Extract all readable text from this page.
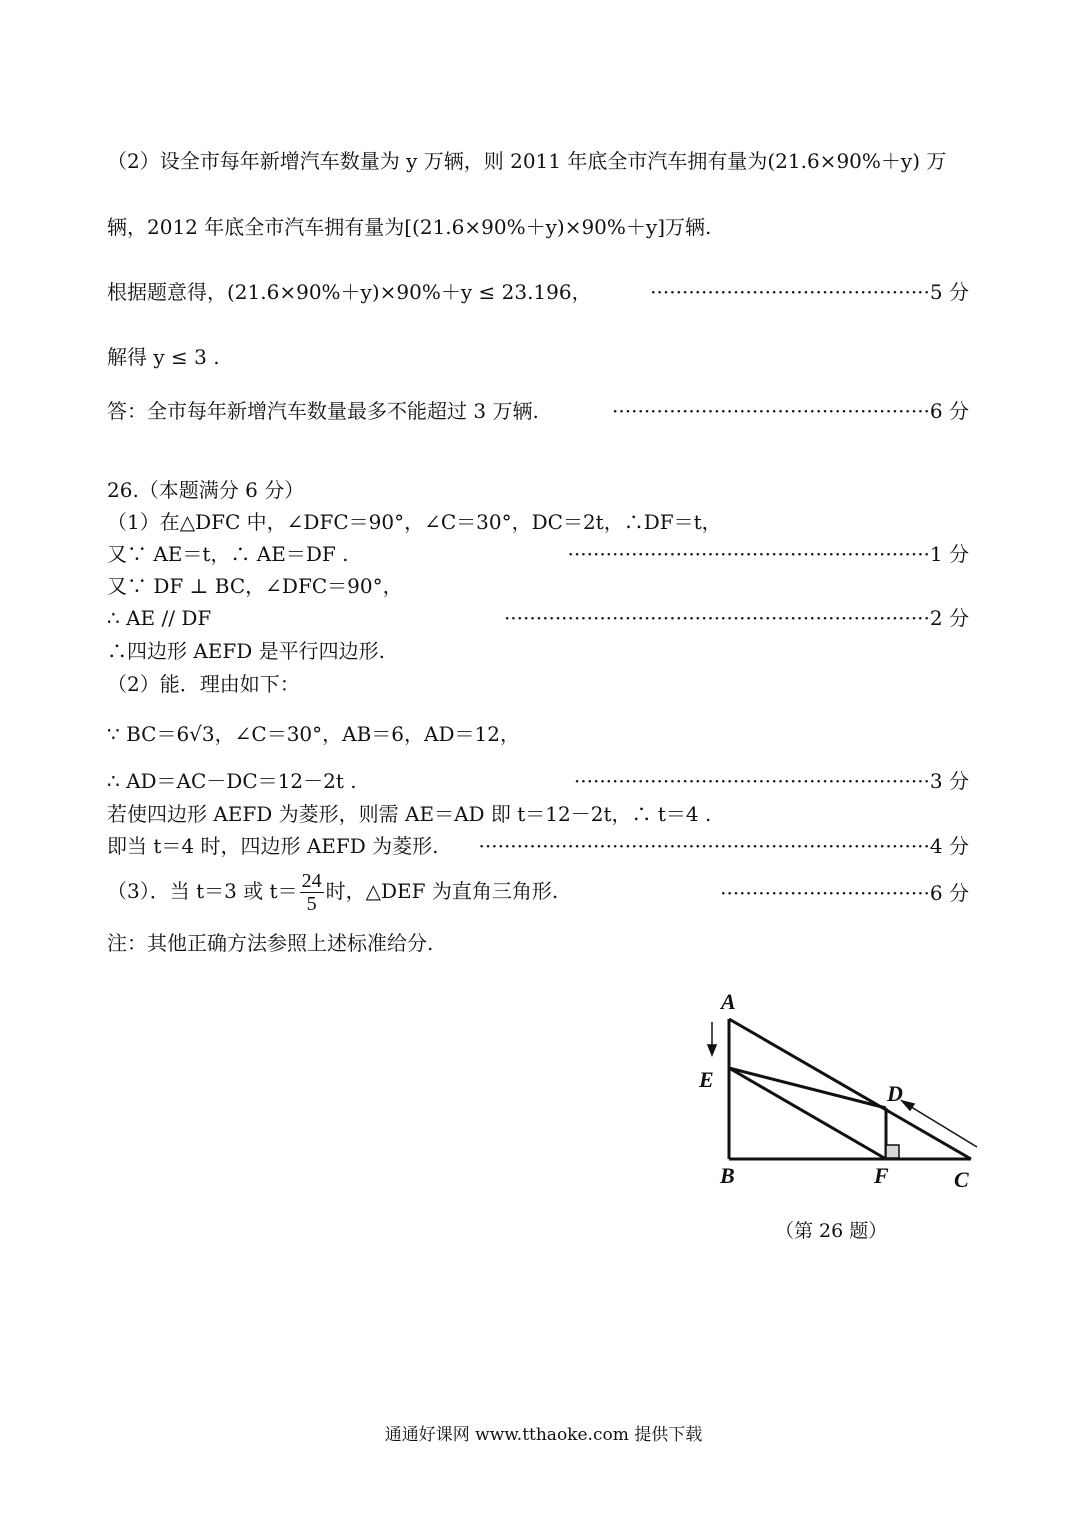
（2）设全市每年新增汽车数量为 y 万辆，则 2011 年底全市汽车拥有量为(21.6×90%＋y) 万
辆，2012 年底全市汽车拥有量为[(21.6×90%＋y)×90%＋y]万辆.
根据题意得，(21.6×90%＋y)×90%＋y ≤ 23.196，	············································5 分
解得 y ≤ 3 .
答：全市每年新增汽车数量最多不能超过 3 万辆.	··················································6 分
26.（本题满分 6 分）
（1）在△DFC 中，∠DFC＝90°，∠C＝30°，DC＝2t，∴DF＝t，
又∵ AE＝t，∴ AE＝DF .	·························································1 分
又∵ DF ⊥ BC，∠DFC＝90°，
∴ AE // DF	···································································2 分
∴四边形 AEFD 是平行四边形.
（2）能．理由如下：
∵ BC＝6√3，∠C＝30°，AB＝6，AD＝12，
∴ AD＝AC－DC＝12－2t .	························································3 分
若使四边形 AEFD 为菱形，则需 AE＝AD 即 t＝12－2t，∴ t＝4 .
即当 t＝4 时，四边形 AEFD 为菱形. ·······································································4 分
（3）．当 t＝3 或 $t= \frac{24}{5}$ 时，△DEF 为直角三角形.	·································6 分
注：其他正确方法参照上述标准给分.
A
E
D
B	F	C
（第 26 题）
通通好课网 www.tthaoke.com 提供下载
